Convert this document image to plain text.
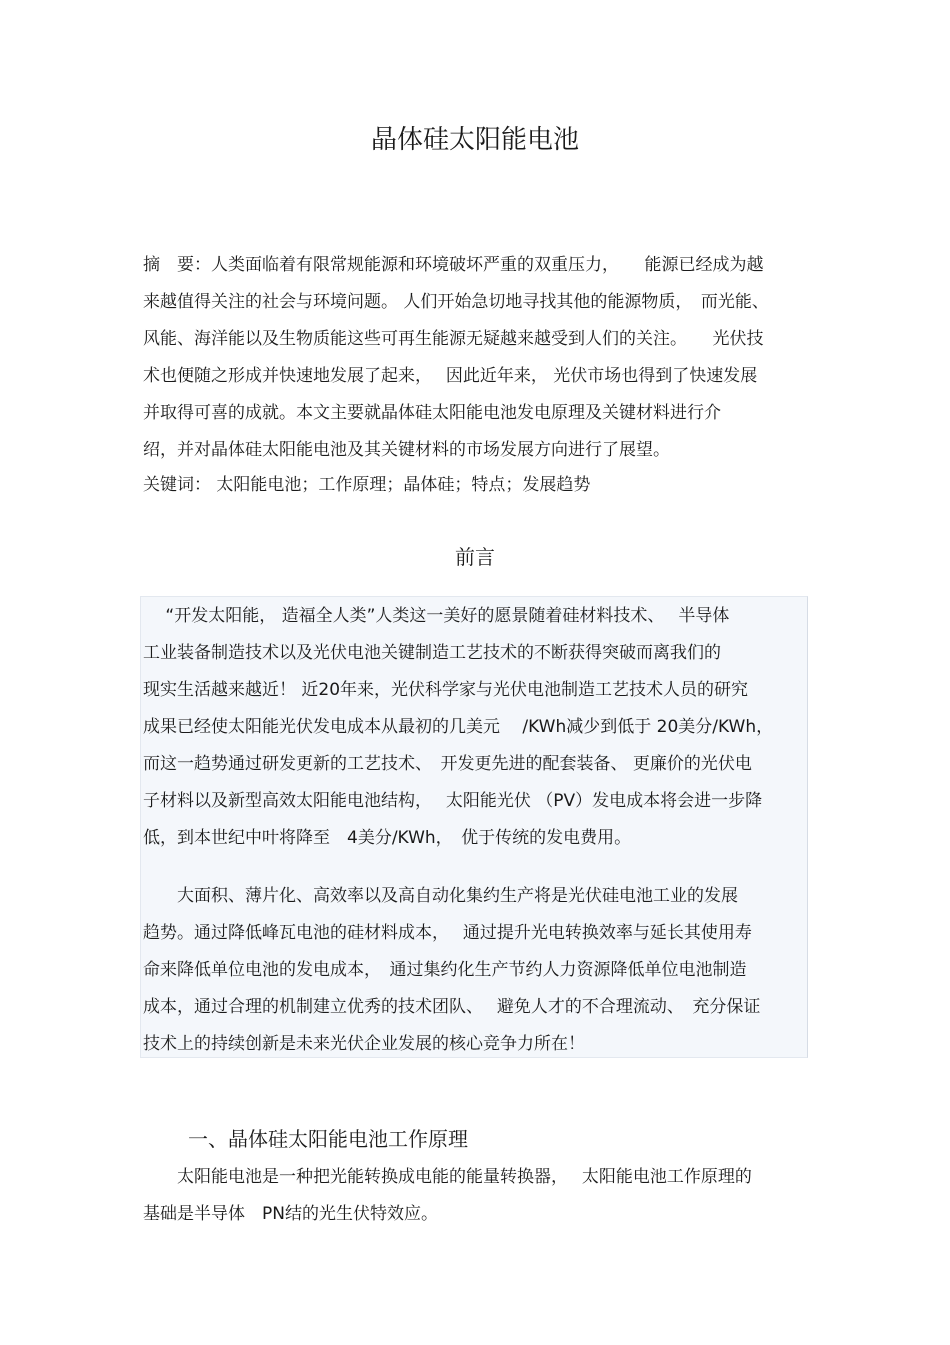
晶体硅太阳能电池
摘　要：人类面临着有限常规能源和环境破坏严重的双重压力，　　能源已经成为越
来越值得关注的社会与环境问题。 人们开始急切地寻找其他的能源物质，　而光能、
风能、海洋能以及生物质能这些可再生能源无疑越来越受到人们的关注。　　光伏技
术也便随之形成并快速地发展了起来，　 因此近年来， 光伏市场也得到了快速发展
并取得可喜的成就。本文主要就晶体硅太阳能电池发电原理及关键材料进行介
绍，并对晶体硅太阳能电池及其关键材料的市场发展方向进行了展望。
关键词： 太阳能电池；工作原理；晶体硅；特点；发展趋势
前言
　 “开发太阳能， 造福全人类”人类这一美好的愿景随着硅材料技术、　 半导体
工业装备制造技术以及光伏电池关键制造工艺技术的不断获得突破而离我们的
现实生活越来越近！ 近20年来，光伏科学家与光伏电池制造工艺技术人员的研究
成果已经使太阳能光伏发电成本从最初的几美元　 /KWh减少到低于 20美分/KWh，
而这一趋势通过研发更新的工艺技术、　开发更先进的配套装备、 更廉价的光伏电
子材料以及新型高效太阳能电池结构，　 太阳能光伏 （PV）发电成本将会进一步降
低，到本世纪中叶将降至　4美分/KWh，　优于传统的发电费用。
　　大面积、薄片化、高效率以及高自动化集约生产将是光伏硅电池工业的发展
趋势。通过降低峰瓦电池的硅材料成本，　 通过提升光电转换效率与延长其使用寿
命来降低单位电池的发电成本，　通过集约化生产节约人力资源降低单位电池制造
成本，通过合理的机制建立优秀的技术团队、　 避免人才的不合理流动、　充分保证
技术上的持续创新是未来光伏企业发展的核心竞争力所在！
一、晶体硅太阳能电池工作原理
　　太阳能电池是一种把光能转换成电能的能量转换器，　 太阳能电池工作原理的
基础是半导体　PN结的光生伏特效应。
